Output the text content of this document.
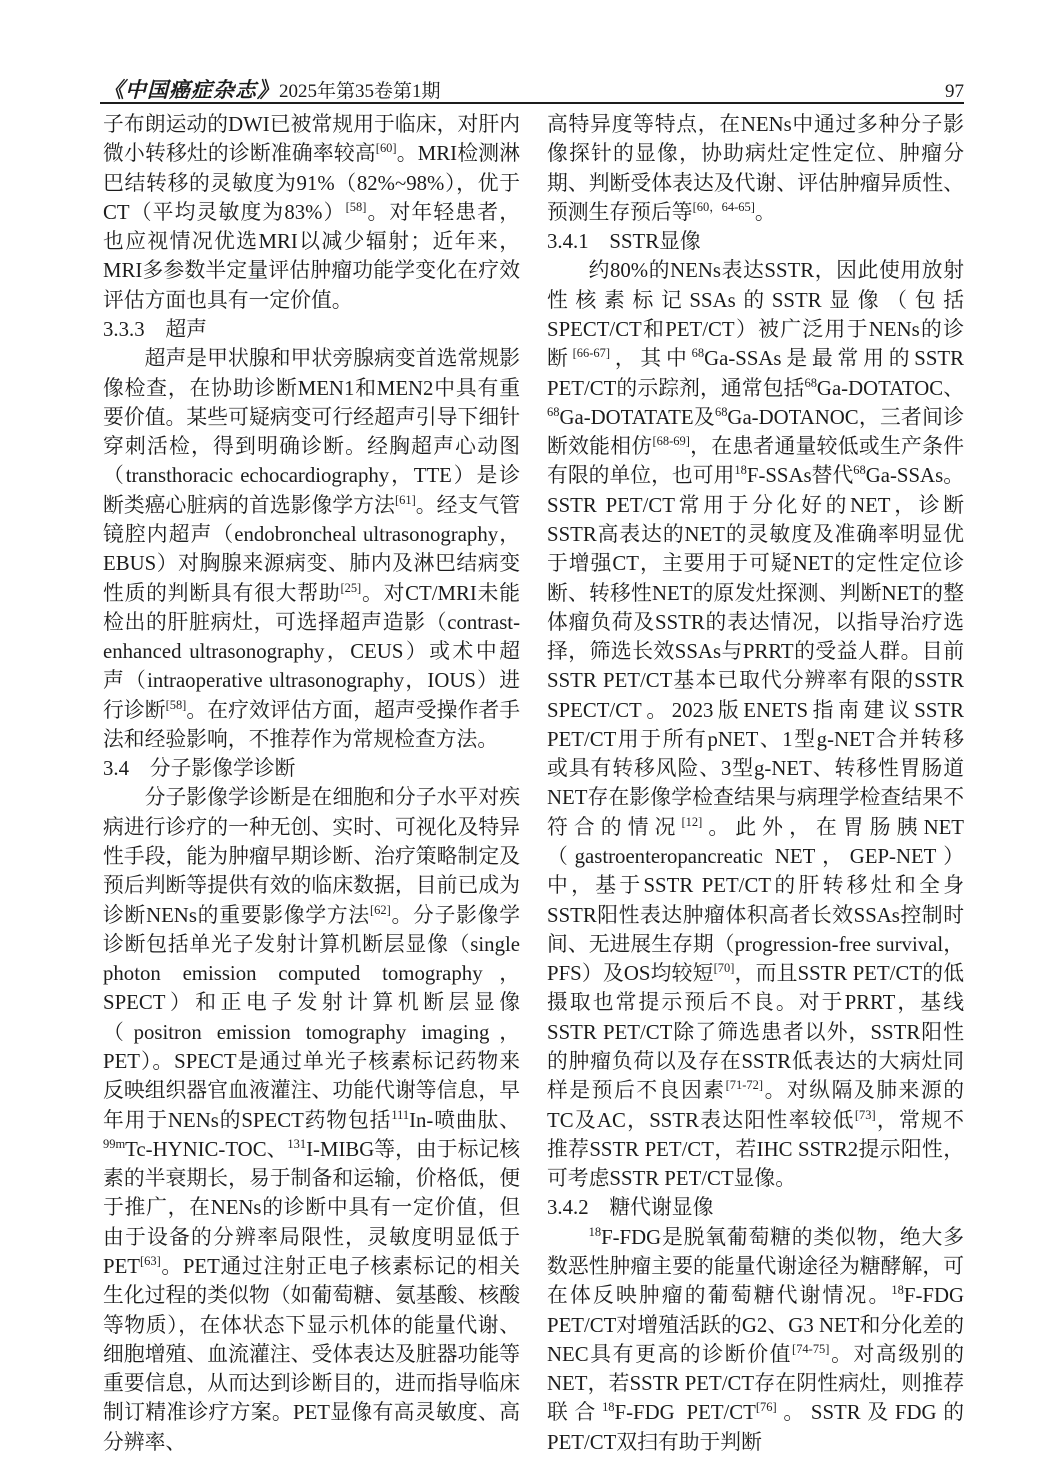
《中国癌症杂志》2025年第35卷第1期	97

子布朗运动的DWI已被常规用于临床，对肝内微小转移灶的诊断准确率较高[60]。MRI检测淋巴结转移的灵敏度为91%（82%~98%），优于CT（平均灵敏度为83%）[58]。对年轻患者，也应视情况优选MRI以减少辐射；近年来，MRI多参数半定量评估肿瘤功能学变化在疗效评估方面也具有一定价值。

3.3.3　超声

超声是甲状腺和甲状旁腺病变首选常规影像检查，在协助诊断MEN1和MEN2中具有重要价值。某些可疑病变可行经超声引导下细针穿刺活检，得到明确诊断。经胸超声心动图（transthoracic echocardiography，TTE）是诊断类癌心脏病的首选影像学方法[61]。经支气管镜腔内超声（endobroncheal ultrasonography，EBUS）对胸腺来源病变、肺内及淋巴结病变性质的判断具有很大帮助[25]。对CT/MRI未能检出的肝脏病灶，可选择超声造影（contrast-enhanced ultrasonography，CEUS）或术中超声（intraoperative ultrasonography，IOUS）进行诊断[58]。在疗效评估方面，超声受操作者手法和经验影响，不推荐作为常规检查方法。

3.4　分子影像学诊断

分子影像学诊断是在细胞和分子水平对疾病进行诊疗的一种无创、实时、可视化及特异性手段，能为肿瘤早期诊断、治疗策略制定及预后判断等提供有效的临床数据，目前已成为诊断NENs的重要影像学方法[62]。分子影像学诊断包括单光子发射计算机断层显像（single photon emission computed tomography，SPECT）和正电子发射计算机断层显像（positron emission tomography imaging，PET）。SPECT是通过单光子核素标记药物来反映组织器官血液灌注、功能代谢等信息，早年用于NENs的SPECT药物包括$^{111}$In-喷曲肽、$^{99m}$Tc-HYNIC-TOC、$^{131}$I-MIBG等，由于标记核素的半衰期长，易于制备和运输，价格低，便于推广，在NENs的诊断中具有一定价值，但由于设备的分辨率局限性，灵敏度明显低于PET[63]。PET通过注射正电子核素标记的相关生化过程的类似物（如葡萄糖、氨基酸、核酸等物质），在体状态下显示机体的能量代谢、细胞增殖、血流灌注、受体表达及脏器功能等重要信息，从而达到诊断目的，进而指导临床制订精准诊疗方案。PET显像有高灵敏度、高分辨率、

高特异度等特点，在NENs中通过多种分子影像探针的显像，协助病灶定性定位、肿瘤分期、判断受体表达及代谢、评估肿瘤异质性、预测生存预后等[60，64-65]。

3.4.1　SSTR显像

约80%的NENs表达SSTR，因此使用放射性核素标记SSAs的SSTR显像（包括SPECT/CT和PET/CT）被广泛用于NENs的诊断[66-67]，其中$^{68}$Ga-SSAs是最常用的SSTR PET/CT的示踪剂，通常包括$^{68}$Ga-DOTATOC、$^{68}$Ga-DOTATATE及$^{68}$Ga-DOTANOC，三者间诊断效能相仿[68-69]，在患者通量较低或生产条件有限的单位，也可用$^{18}$F-SSAs替代$^{68}$Ga-SSAs。SSTR PET/CT常用于分化好的NET，诊断SSTR高表达的NET的灵敏度及准确率明显优于增强CT，主要用于可疑NET的定性定位诊断、转移性NET的原发灶探测、判断NET的整体瘤负荷及SSTR的表达情况，以指导治疗选择，筛选长效SSAs与PRRT的受益人群。目前SSTR PET/CT基本已取代分辨率有限的SSTR SPECT/CT。2023版ENETS指南建议SSTR PET/CT用于所有pNET、1型g-NET合并转移或具有转移风险、3型g-NET、转移性胃肠道NET存在影像学检查结果与病理学检查结果不符合的情况[12]。此外，在胃肠胰NET（gastroenteropancreatic NET，GEP-NET）中，基于SSTR PET/CT的肝转移灶和全身SSTR阳性表达肿瘤体积高者长效SSAs控制时间、无进展生存期（progression-free survival，PFS）及OS均较短[70]，而且SSTR PET/CT的低摄取也常提示预后不良。对于PRRT，基线SSTR PET/CT除了筛选患者以外，SSTR阳性的肿瘤负荷以及存在SSTR低表达的大病灶同样是预后不良因素[71-72]。对纵隔及肺来源的TC及AC，SSTR表达阳性率较低[73]，常规不推荐SSTR PET/CT，若IHC SSTR2提示阳性，可考虑SSTR PET/CT显像。

3.4.2　糖代谢显像

$^{18}$F-FDG是脱氧葡萄糖的类似物，绝大多数恶性肿瘤主要的能量代谢途径为糖酵解，可在体反映肿瘤的葡萄糖代谢情况。$^{18}$F-FDG PET/CT对增殖活跃的G2、G3 NET和分化差的NEC具有更高的诊断价值[74-75]。对高级别的NET，若SSTR PET/CT存在阴性病灶，则推荐联合$^{18}$F-FDG PET/CT[76]。SSTR及FDG的PET/CT双扫有助于判断
